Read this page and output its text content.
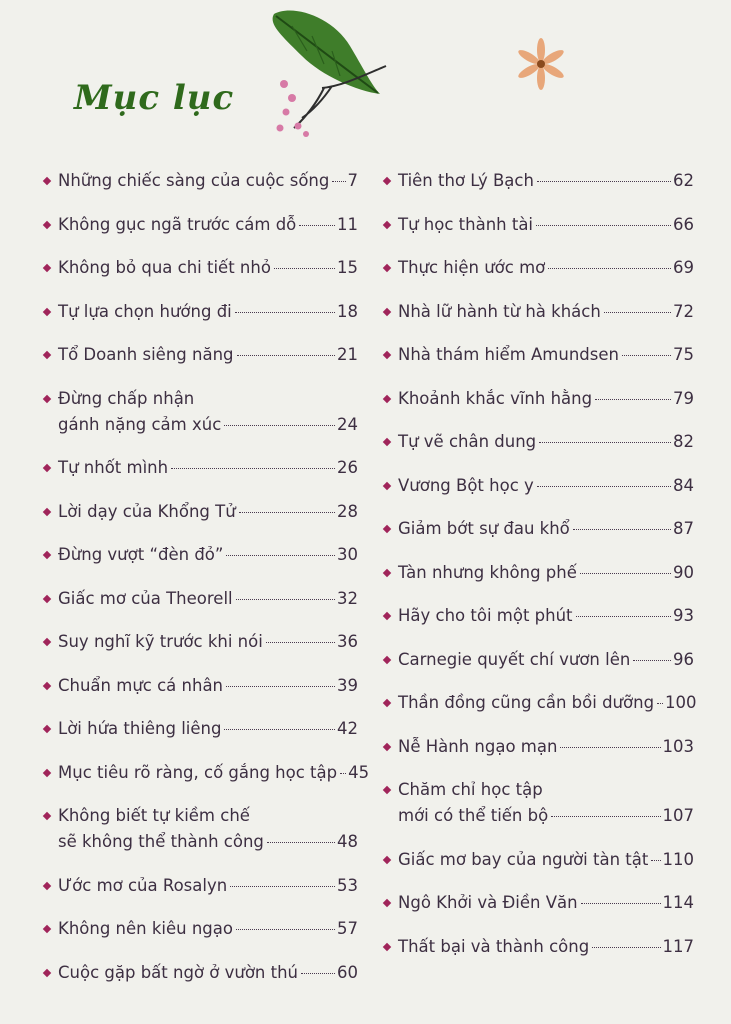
Mục lục
Những chiếc sàng của cuộc sống 7
Không gục ngã trước cám dỗ 11
Không bỏ qua chi tiết nhỏ	15
Tự lựa chọn hướng đi	18
Tổ Doanh siêng năng	21
Đừng chấp nhận
gánh nặng cảm xúc	24
Tự nhốt mình	26
Lời dạy của Khổng Tử	28
Đừng vượt “đèn đỏ”	30
Giấc mơ của Theorell	32
Suy nghĩ kỹ trước khi nói	36
Chuẩn mực cá nhân	39
Lời hứa thiêng liêng	42
Mục tiêu rõ ràng, cố gắng học tập 45
Không biết tự kiềm chế
sẽ không thể thành công	48
Ước mơ của Rosalyn	53
Không nên kiêu ngạo	57
Cuộc gặp bất ngờ ở vườn thú 60
Tiên thơ Lý Bạch	62
Tự học thành tài	66
Thực hiện ước mơ	69
Nhà lữ hành từ hà khách	72
Nhà thám hiểm Amundsen	75
Khoảnh khắc vĩnh hằng	79
Tự vẽ chân dung	82
Vương Bột học y	84
Giảm bớt sự đau khổ	87
Tàn nhưng không phế	90
Hãy cho tôi một phút	93
Carnegie quyết chí vươn lên	96
Thần đồng cũng cần bồi dưỡng 100
Nễ Hành ngạo mạn	103
Chăm chỉ học tập
mới có thể tiến bộ	107
Giấc mơ bay của người tàn tật 110
Ngô Khởi và Điền Văn	114
Thất bại và thành công	117
